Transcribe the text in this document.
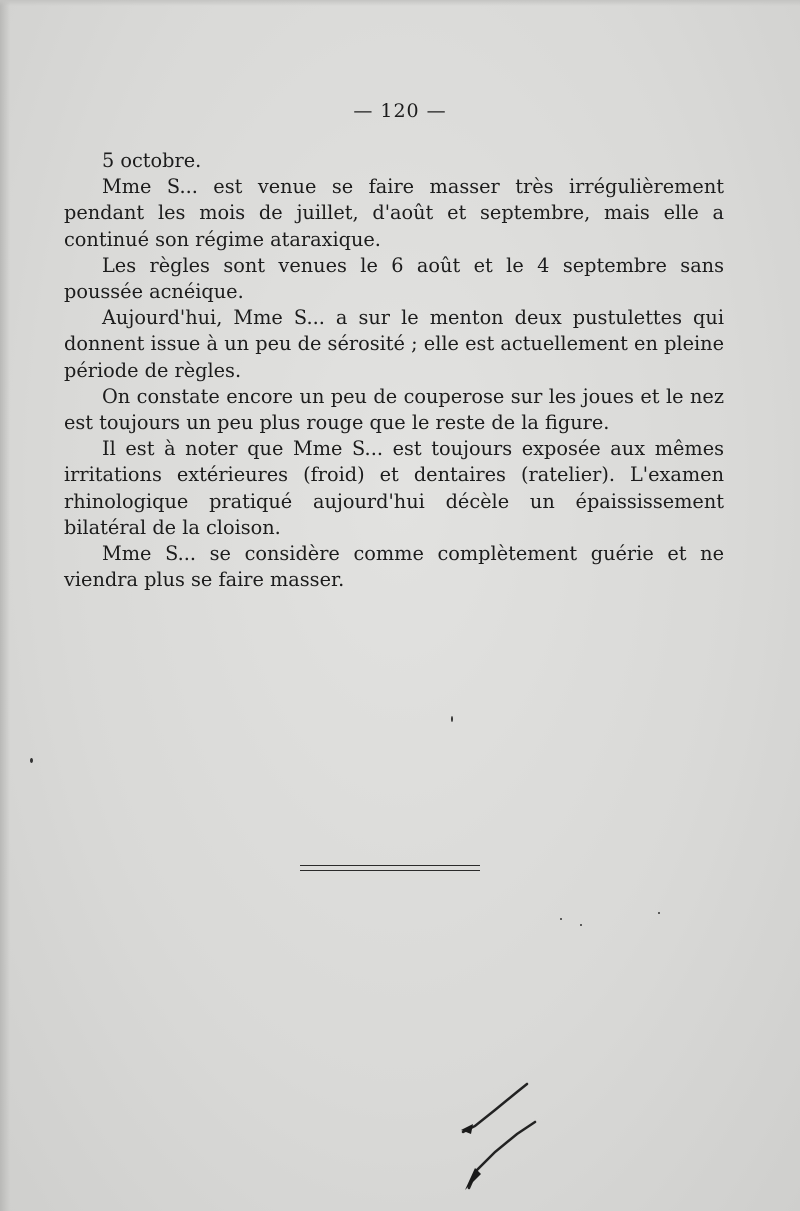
— 120 —

5 octobre.

Mme S... est venue se faire masser très irrégulièrement pendant les mois de juillet, d'août et septembre, mais elle a continué son régime ataraxique.

Les règles sont venues le 6 août et le 4 septembre sans poussée acnéique.

Aujourd'hui, Mme S... a sur le menton deux pustulettes qui donnent issue à un peu de sérosité ; elle est actuellement en pleine période de règles.

On constate encore un peu de couperose sur les joues et le nez est toujours un peu plus rouge que le reste de la figure.

Il est à noter que Mme S... est toujours exposée aux mêmes irritations extérieures (froid) et dentaires (ratelier). L'examen rhinologique pratiqué aujourd'hui décèle un épaississement bilatéral de la cloison.

Mme S... se considère comme complètement guérie et ne viendra plus se faire masser.
